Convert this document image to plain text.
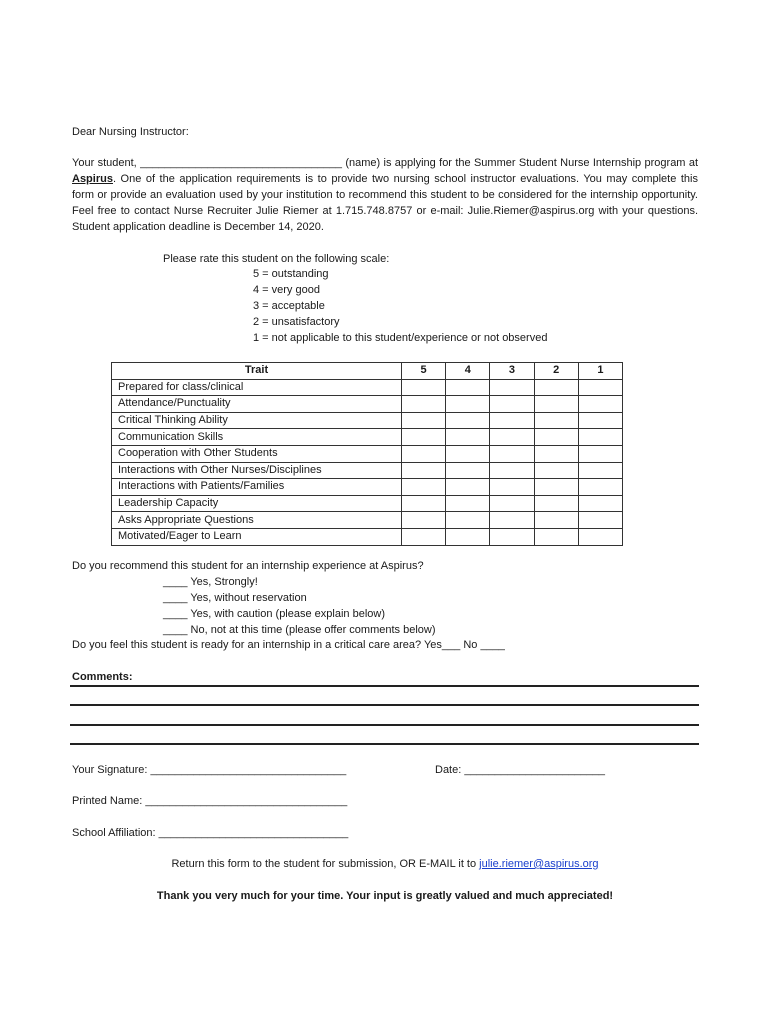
Dear Nursing Instructor:
Your student, _________________________________ (name) is applying for the Summer Student Nurse Internship program at Aspirus. One of the application requirements is to provide two nursing school instructor evaluations. You may complete this form or provide an evaluation used by your institution to recommend this student to be considered for the internship opportunity. Feel free to contact Nurse Recruiter Julie Riemer at 1.715.748.8757 or e-mail: Julie.Riemer@aspirus.org with your questions. Student application deadline is December 14, 2020.
Please rate this student on the following scale:
5 = outstanding
4 = very good
3 = acceptable
2 = unsatisfactory
1 = not applicable to this student/experience or not observed
Trait	5	4	3	2	1
Prepared for class/clinical					
Attendance/Punctuality					
Critical Thinking Ability					
Communication Skills					
Cooperation with Other Students					
Interactions with Other Nurses/Disciplines					
Interactions with Patients/Families					
Leadership Capacity					
Asks Appropriate Questions					
Motivated/Eager to Learn					
Do you recommend this student for an internship experience at Aspirus?
____ Yes, Strongly!
____ Yes, without reservation
____ Yes, with caution (please explain below)
____ No, not at this time (please offer comments below)
Do you feel this student is ready for an internship in a critical care area? Yes___ No ____
Comments:
Your Signature: ________________________________	Date: _______________________
Printed Name: _________________________________
School Affiliation: _______________________________
Return this form to the student for submission, OR E-MAIL it to julie.riemer@aspirus.org
Thank you very much for your time. Your input is greatly valued and much appreciated!
